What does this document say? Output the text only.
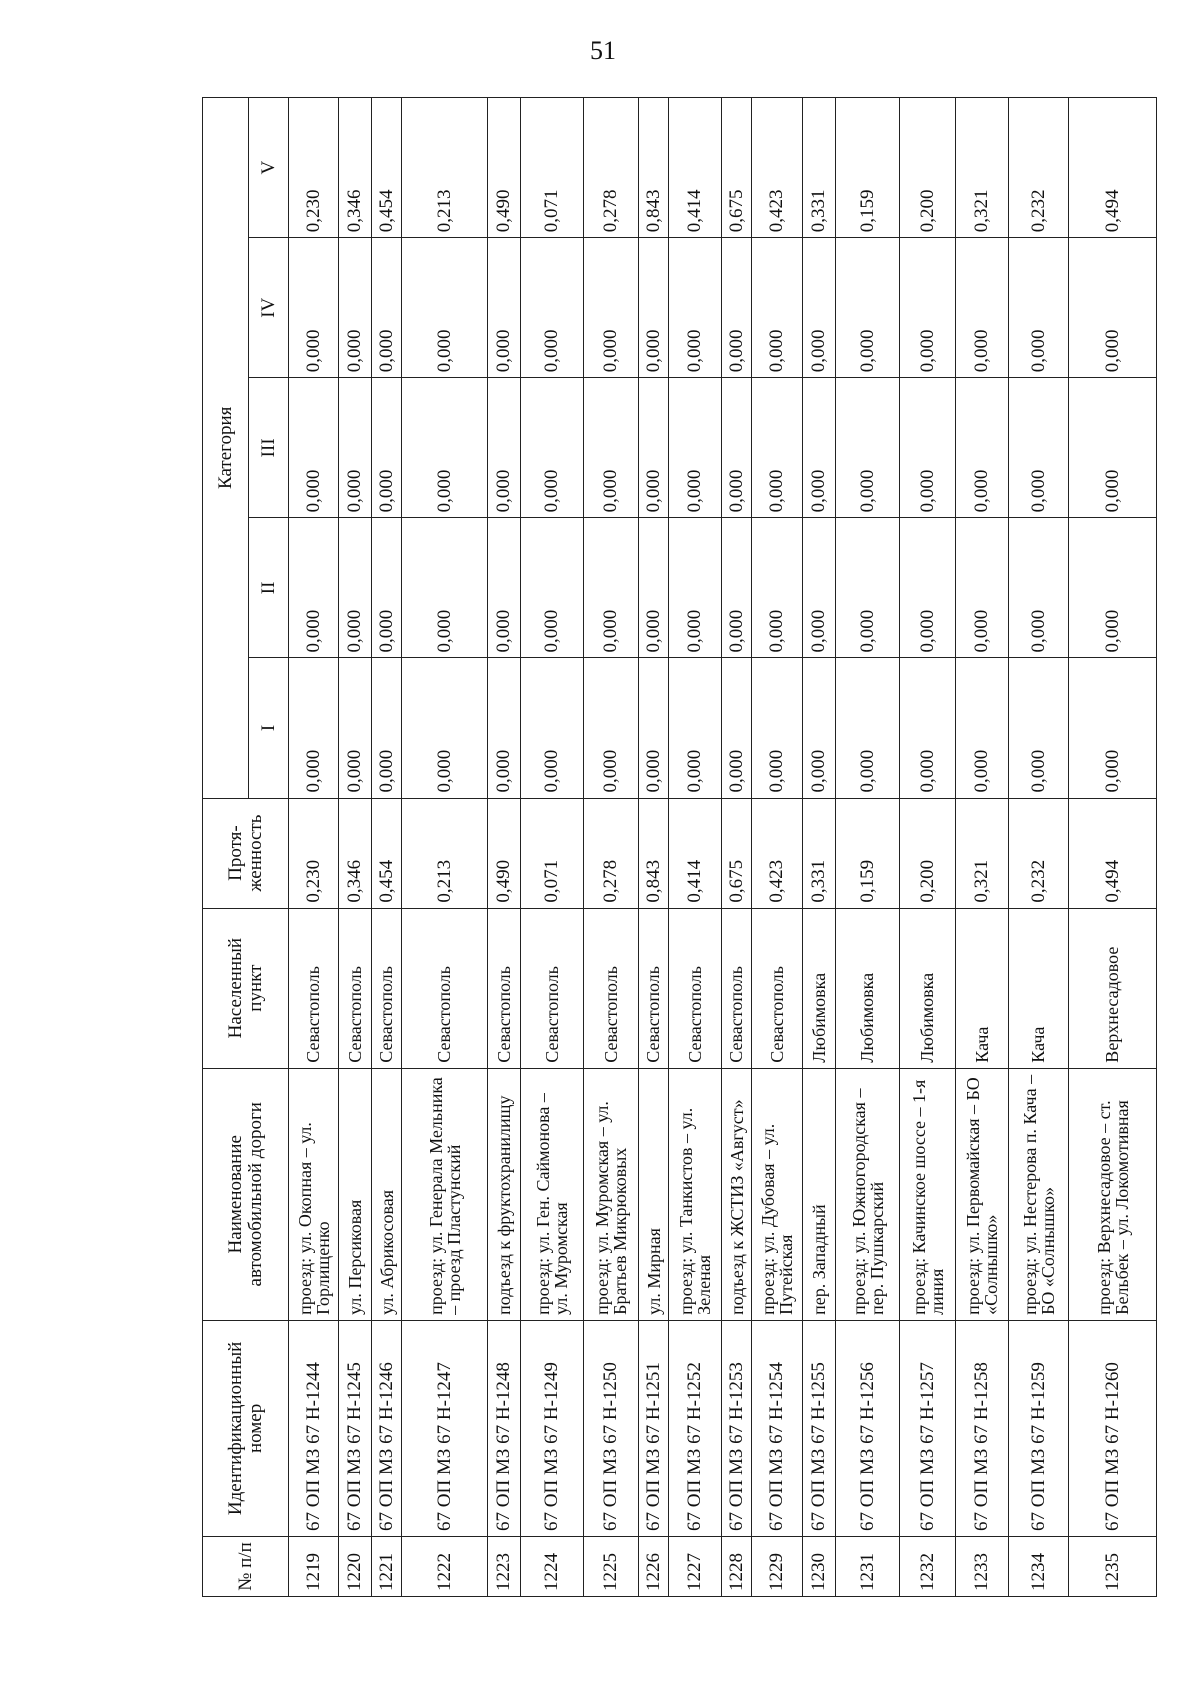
51
№ п/п	Идентификационный номер	Наименование автомобильной дороги	Населенный пункт	Протя-женность	Категория				
					I	II	III	IV	V
1219	67 ОП МЗ 67 Н-1244	проезд: ул. Окопная – ул. Горлищенко	Севастополь	0,230	0,000	0,000	0,000	0,000	0,230
1220	67 ОП МЗ 67 Н-1245	ул. Персиковая	Севастополь	0,346	0,000	0,000	0,000	0,000	0,346
1221	67 ОП МЗ 67 Н-1246	ул. Абрикосовая	Севастополь	0,454	0,000	0,000	0,000	0,000	0,454
1222	67 ОП МЗ 67 Н-1247	проезд: ул. Генерала Мельника – проезд Пластунский	Севастополь	0,213	0,000	0,000	0,000	0,000	0,213
1223	67 ОП МЗ 67 Н-1248	подъезд к фруктохранилищу	Севастополь	0,490	0,000	0,000	0,000	0,000	0,490
1224	67 ОП МЗ 67 Н-1249	проезд: ул. Ген. Саймонова – ул. Муромская	Севастополь	0,071	0,000	0,000	0,000	0,000	0,071
1225	67 ОП МЗ 67 Н-1250	проезд: ул. Муромская – ул. Братьев Микрюковых	Севастополь	0,278	0,000	0,000	0,000	0,000	0,278
1226	67 ОП МЗ 67 Н-1251	ул. Мирная	Севастополь	0,843	0,000	0,000	0,000	0,000	0,843
1227	67 ОП МЗ 67 Н-1252	проезд: ул. Танкистов – ул. Зеленая	Севастополь	0,414	0,000	0,000	0,000	0,000	0,414
1228	67 ОП МЗ 67 Н-1253	подъезд к ЖСТИЗ «Август»	Севастополь	0,675	0,000	0,000	0,000	0,000	0,675
1229	67 ОП МЗ 67 Н-1254	проезд: ул. Дубовая – ул. Путейская	Севастополь	0,423	0,000	0,000	0,000	0,000	0,423
1230	67 ОП МЗ 67 Н-1255	пер. Западный	Любимовка	0,331	0,000	0,000	0,000	0,000	0,331
1231	67 ОП МЗ 67 Н-1256	проезд: ул. Южногородская – пер. Пушкарский	Любимовка	0,159	0,000	0,000	0,000	0,000	0,159
1232	67 ОП МЗ 67 Н-1257	проезд: Качинское шоссе – 1-я линия	Любимовка	0,200	0,000	0,000	0,000	0,000	0,200
1233	67 ОП МЗ 67 Н-1258	проезд: ул. Первомайская – БО «Солнышко»	Кача	0,321	0,000	0,000	0,000	0,000	0,321
1234	67 ОП МЗ 67 Н-1259	проезд: ул. Нестерова п. Кача – БО «Солнышко»	Кача	0,232	0,000	0,000	0,000	0,000	0,232
1235	67 ОП МЗ 67 Н-1260	проезд: Верхнесадовое – ст. Бельбек – ул. Локомотивная	Верхнесадовое	0,494	0,000	0,000	0,000	0,000	0,494
